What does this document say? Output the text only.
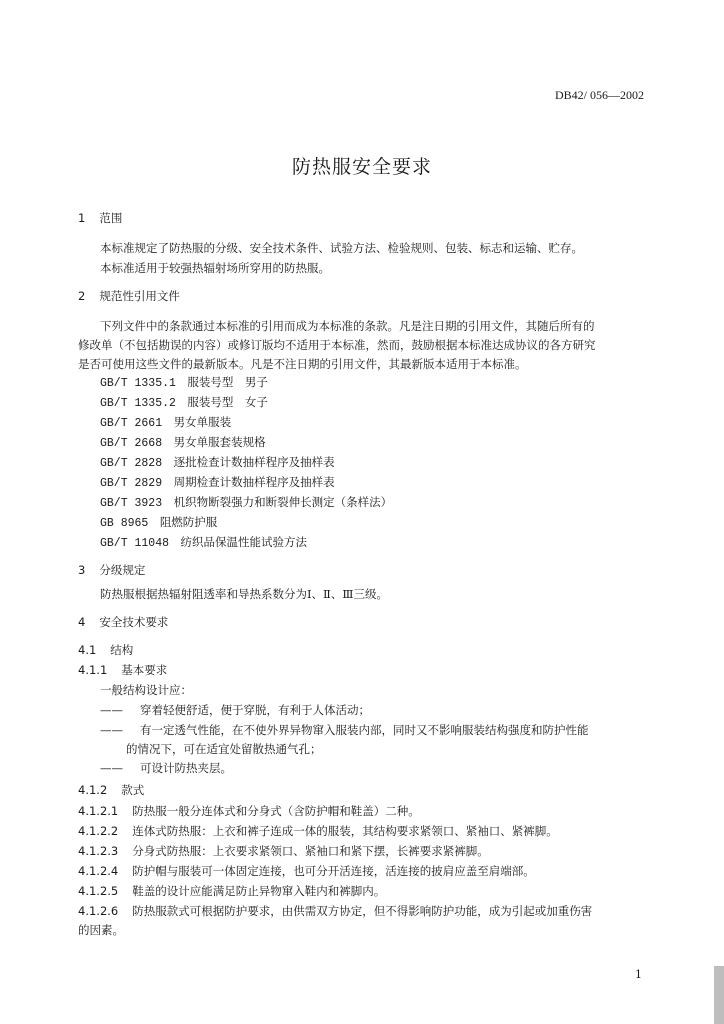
DB42/ 056—2002
防热服安全要求
1 范围
本标准规定了防热服的分级、安全技术条件、试验方法、检验规则、包装、标志和运输、贮存。
本标准适用于较强热辐射场所穿用的防热服。
2 规范性引用文件
下列文件中的条款通过本标准的引用而成为本标准的条款。凡是注日期的引用文件，其随后所有的
修改单（不包括勘误的内容）或修订版均不适用于本标准，然而，鼓励根据本标准达成协议的各方研究
是否可使用这些文件的最新版本。凡是不注日期的引用文件，其最新版本适用于本标准。
GB/T 1335.1　 服装号型　男子
GB/T 1335.2　 服装号型　女子
GB/T 2661　 男女单服装
GB/T 2668　 男女单服套装规格
GB/T 2828　 逐批检查计数抽样程序及抽样表
GB/T 2829　 周期检查计数抽样程序及抽样表
GB/T 3923　 机织物断裂强力和断裂伸长测定（条样法）
GB 8965　 阻燃防护服
GB/T 11048　 纺织品保温性能试验方法
3 分级规定
防热服根据热辐射阻透率和导热系数分为Ⅰ、Ⅱ、Ⅲ三级。
4 安全技术要求
4.1 结构
4.1.1 基本要求
一般结构设计应：
—— 穿着轻便舒适，便于穿脱，有利于人体活动；
—— 有一定透气性能，在不使外界异物窜入服装内部，同时又不影响服装结构强度和防护性能
的情况下，可在适宜处留散热通气孔；
—— 可设计防热夹层。
4.1.2 款式
4.1.2.1 防热服一般分连体式和分身式（含防护帽和鞋盖）二种。
4.1.2.2 连体式防热服：上衣和裤子连成一体的服装，其结构要求紧领口、紧袖口、紧裤脚。
4.1.2.3 分身式防热服：上衣要求紧领口、紧袖口和紧下摆，长裤要求紧裤脚。
4.1.2.4 防护帽与服装可一体固定连接，也可分开活连接，活连接的披肩应盖至肩端部。
4.1.2.5 鞋盖的设计应能满足防止异物窜入鞋内和裤脚内。
4.1.2.6 防热服款式可根据防护要求，由供需双方协定，但不得影响防护功能，成为引起或加重伤害
的因素。
1
